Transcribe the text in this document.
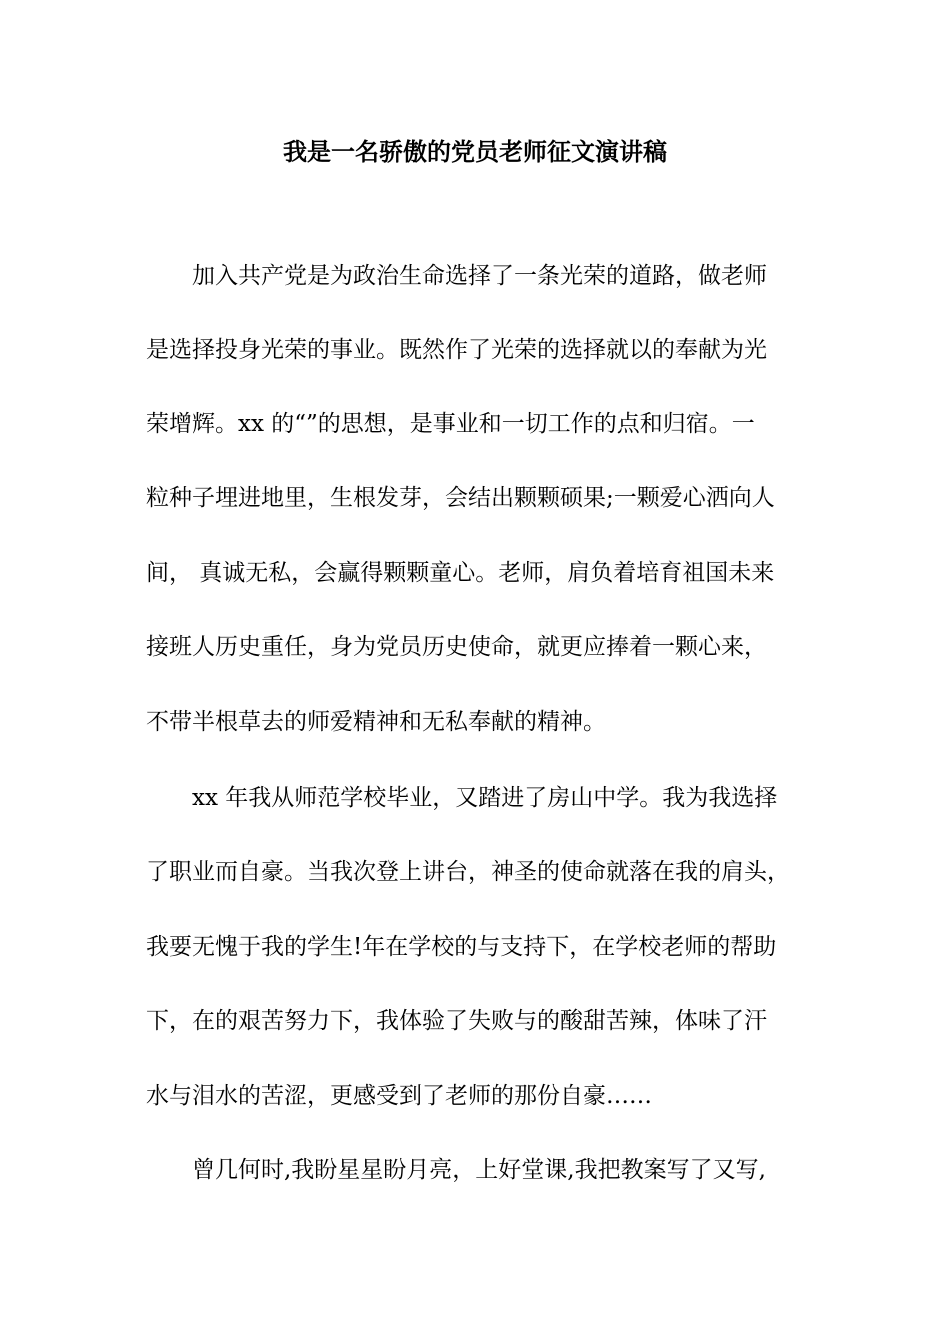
我是一名骄傲的党员老师征文演讲稿
加入共产党是为政治生命选择了一条光荣的道路，做老师
是选择投身光荣的事业。既然作了光荣的选择就以的奉献为光
荣增辉。xx 的“”的思想，是事业和一切工作的点和归宿。一
粒种子埋进地里，生根发芽，会结出颗颗硕果;一颗爱心洒向人
间， 真诚无私，会赢得颗颗童心。老师，肩负着培育祖国未来
接班人历史重任，身为党员历史使命，就更应捧着一颗心来，
不带半根草去的师爱精神和无私奉献的精神。
xx 年我从师范学校毕业，又踏进了房山中学。我为我选择
了职业而自豪。当我次登上讲台，神圣的使命就落在我的肩头，
我要无愧于我的学生!年在学校的与支持下，在学校老师的帮助
下，在的艰苦努力下，我体验了失败与的酸甜苦辣，体味了汗
水与泪水的苦涩，更感受到了老师的那份自豪……
曾几何时,我盼星星盼月亮，上好堂课,我把教案写了又写,
